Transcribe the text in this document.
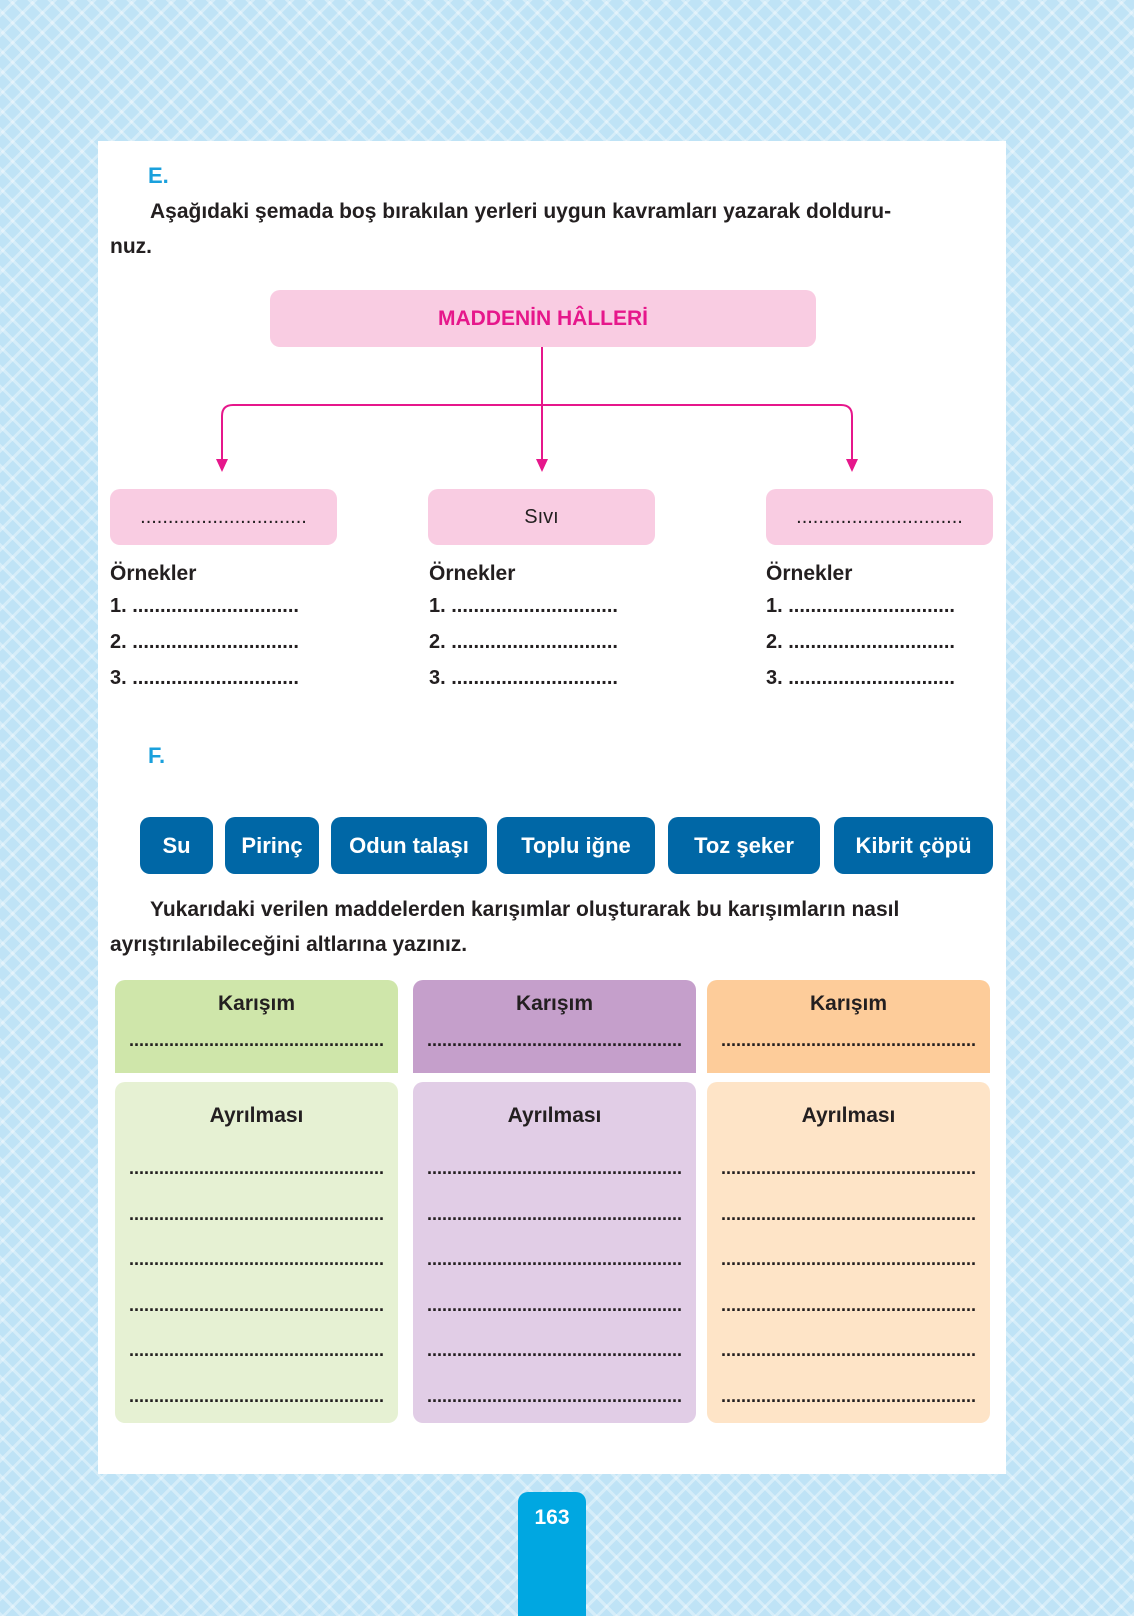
E.
Aşağıdaki şemada boş bırakılan yerleri uygun kavramları yazarak dolduru-
nuz.
MADDENİN HÂLLERİ
..............................	Sıvı	..............................
Örnekler
1. ..............................
2. ..............................
3. ..............................
Örnekler
1. ..............................
2. ..............................
3. ..............................
Örnekler
1. ..............................
2. ..............................
3. ..............................
F.
Su	Pirinç	Odun talaşı	Toplu iğne	Toz şeker	Kibrit çöpü
Yukarıdaki verilen maddelerden karışımlar oluşturarak bu karışımların nasıl
ayrıştırılabileceğini altlarına yazınız.
Karışım
...................................................
Karışım
...................................................
Karışım
...................................................
Ayrılması
...................................................
...................................................
...................................................
...................................................
...................................................
...................................................
Ayrılması
...................................................
...................................................
...................................................
...................................................
...................................................
...................................................
Ayrılması
...................................................
...................................................
...................................................
...................................................
...................................................
...................................................
163
